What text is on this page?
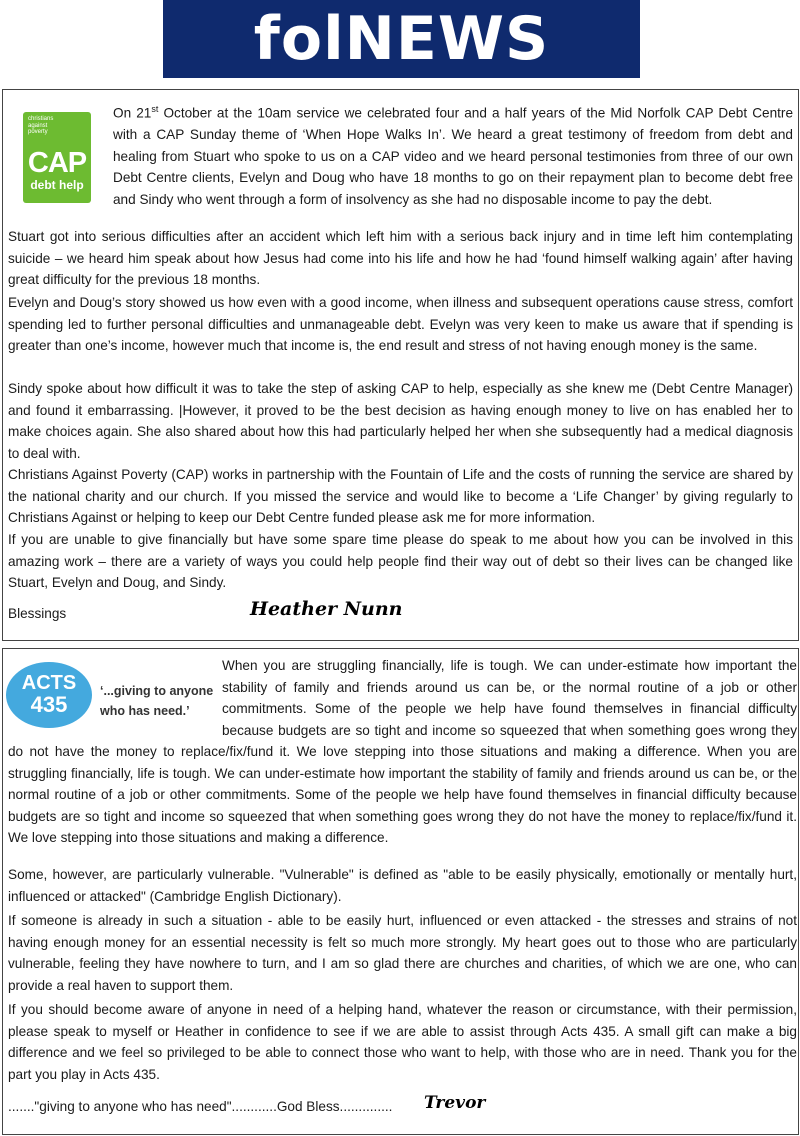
folNEWS
christians against poverty
CAP
debt help
On 21st October at the 10am service we celebrated four and a half years of the Mid Norfolk CAP Debt Centre with a CAP Sunday theme of ‘When Hope Walks In’. We heard a great testimony of freedom from debt and healing from Stuart who spoke to us on a CAP video and we heard personal testimonies from three of our own Debt Centre clients, Evelyn and Doug who have 18 months to go on their repayment plan to become debt free and Sindy who went through a form of insolvency as she had no disposable income to pay the debt.
Stuart got into serious difficulties after an accident which left him with a serious back injury and in time left him contemplating suicide – we heard him speak about how Jesus had come into his life and how he had ‘found himself walking again’ after having great difficulty for the previous 18 months.
Evelyn and Doug’s story showed us how even with a good income, when illness and subsequent operations cause stress, comfort spending led to further personal difficulties and unmanageable debt. Evelyn was very keen to make us aware that if spending is greater than one’s income, however much that income is, the end result and stress of not having enough money is the same.
Sindy spoke about how difficult it was to take the step of asking CAP to help, especially as she knew me (Debt Centre Manager) and found it embarrassing. |However, it proved to be the best decision as having enough money to live on has enabled her to make choices again. She also shared about how this had particularly helped her when she subsequently had a medical diagnosis to deal with.
Christians Against Poverty (CAP) works in partnership with the Fountain of Life and the costs of running the service are shared by the national charity and our church. If you missed the service and would like to become a ‘Life Changer’ by giving regularly to Christians Against or helping to keep our Debt Centre funded please ask me for more information.
If you are unable to give financially but have some spare time please do speak to me about how you can be involved in this amazing work – there are a variety of ways you could help people find their way out of debt so their lives can be changed like Stuart, Evelyn and Doug, and Sindy.
Blessings	Heather Nunn
ACTS
435
‘...giving to anyone who has need.’
When you are struggling financially, life is tough. We can under-estimate how important the stability of family and friends around us can be, or the normal routine of a job or other commitments. Some of the people we help have found themselves in financial difficulty because budgets are so tight and income so squeezed that when something goes wrong they do not have the money to replace/fix/fund it. We love stepping into those situations and making a difference. When you are struggling financially, life is tough. We can under-estimate how important the stability of family and friends around us can be, or the normal routine of a job or other commitments. Some of the people we help have found themselves in financial difficulty because budgets are so tight and income so squeezed that when something goes wrong they do not have the money to replace/fix/fund it. We love stepping into those situations and making a difference.
Some, however, are particularly vulnerable. "Vulnerable" is defined as "able to be easily physically, emotionally or mentally hurt, influenced or attacked" (Cambridge English Dictionary).
If someone is already in such a situation - able to be easily hurt, influenced or even attacked - the stresses and strains of not having enough money for an essential necessity is felt so much more strongly. My heart goes out to those who are particularly vulnerable, feeling they have nowhere to turn, and I am so glad there are churches and charities, of which we are one, who can provide a real haven to support them.
If you should become aware of anyone in need of a helping hand, whatever the reason or circumstance, with their permission, please speak to myself or Heather in confidence to see if we are able to assist through Acts 435. A small gift can make a big difference and we feel so privileged to be able to connect those who want to help, with those who are in need. Thank you for the part you play in Acts 435.
......."giving to anyone who has need"............God Bless..............	Trevor
